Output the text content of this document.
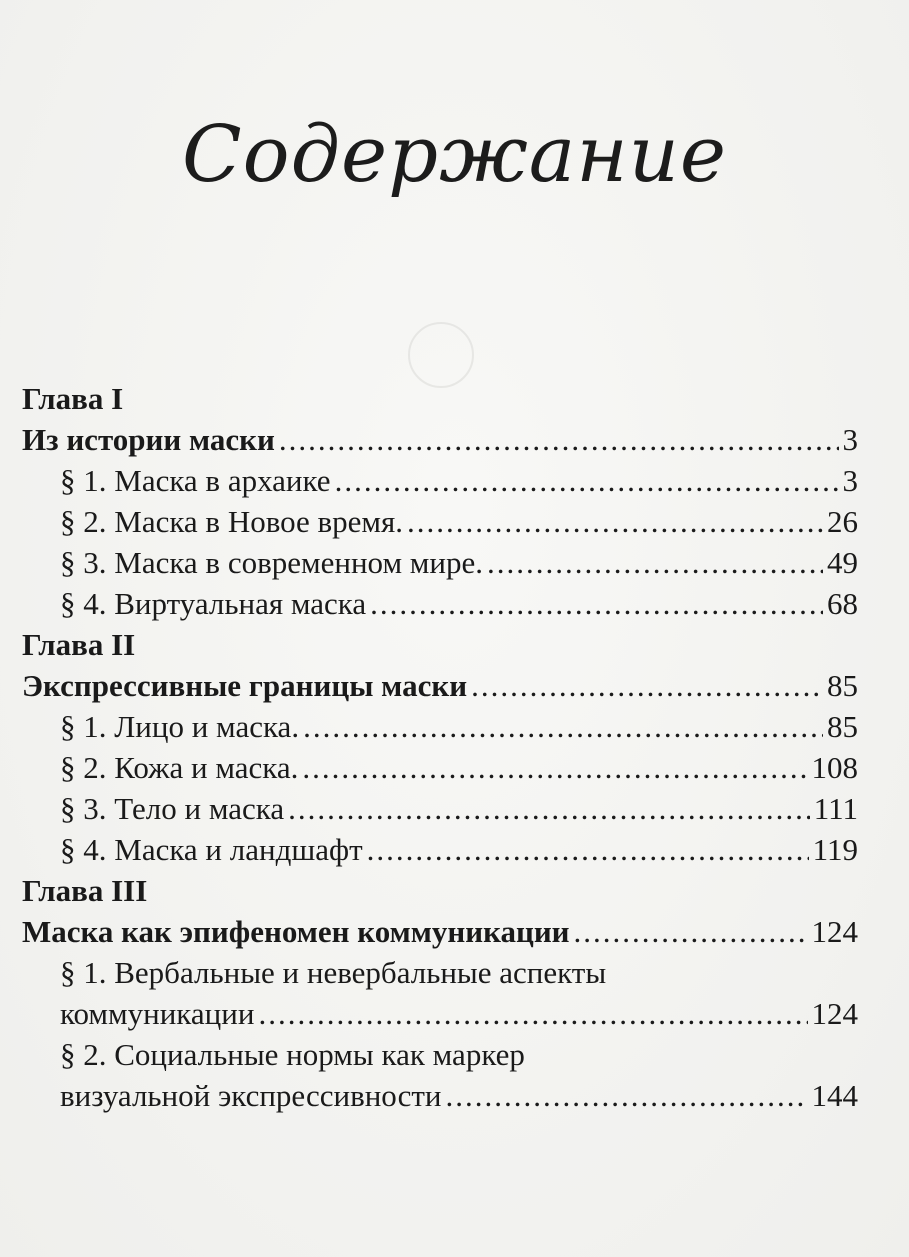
Содержание
Глава I
Из истории маски .....	3
§ 1. Маска в архаике .....	3
§ 2. Маска в Новое время. .....	26
§ 3. Маска в современном мире. .....	49
§ 4. Виртуальная маска .....	68
Глава II
Экспрессивные границы маски .....	85
§ 1. Лицо и маска. .....	85
§ 2. Кожа и маска. .....	108
§ 3. Тело и маска .....	111
§ 4. Маска и ландшафт .....	119
Глава III
Маска как эпифеномен коммуникации .....	124
§ 1. Вербальные и невербальные аспекты
коммуникации .....	124
§ 2. Социальные нормы как маркер
визуальной экспрессивности .....	144
